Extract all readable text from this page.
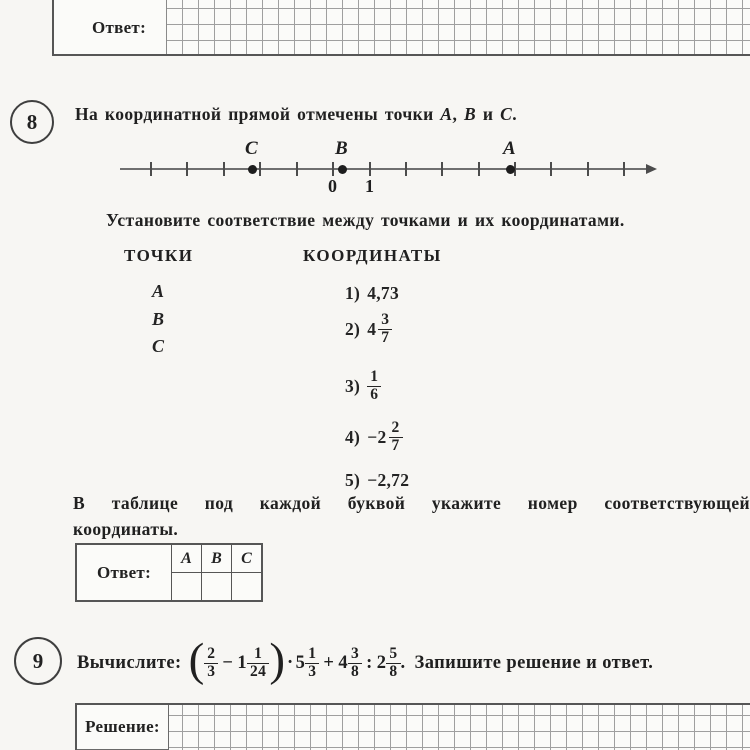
Ответ:
8 На координатной прямой отмечены точки A, B и C.
C	B	A
0 1
Установите соответствие между точками и их координатами.
ТОЧКИ	КООРДИНАТЫ
A
B
C
1) 4,73
2) $4 \frac{3}{7}$
$3) \frac{1}{6}$
$4) -2 \frac{2}{7}$
5) −2,72
В таблице под каждой буквой укажите номер соответствующей
координаты.
Ответ:
A	B	C
9 Вычислите: ( $\frac{2}{3} - 1 \frac{1}{24}$ ) · $5 \frac{1}{3} + 4 \frac{3}{8}$ : $2 \frac{5}{8}$ . Запишите решение и ответ.
Решение:
